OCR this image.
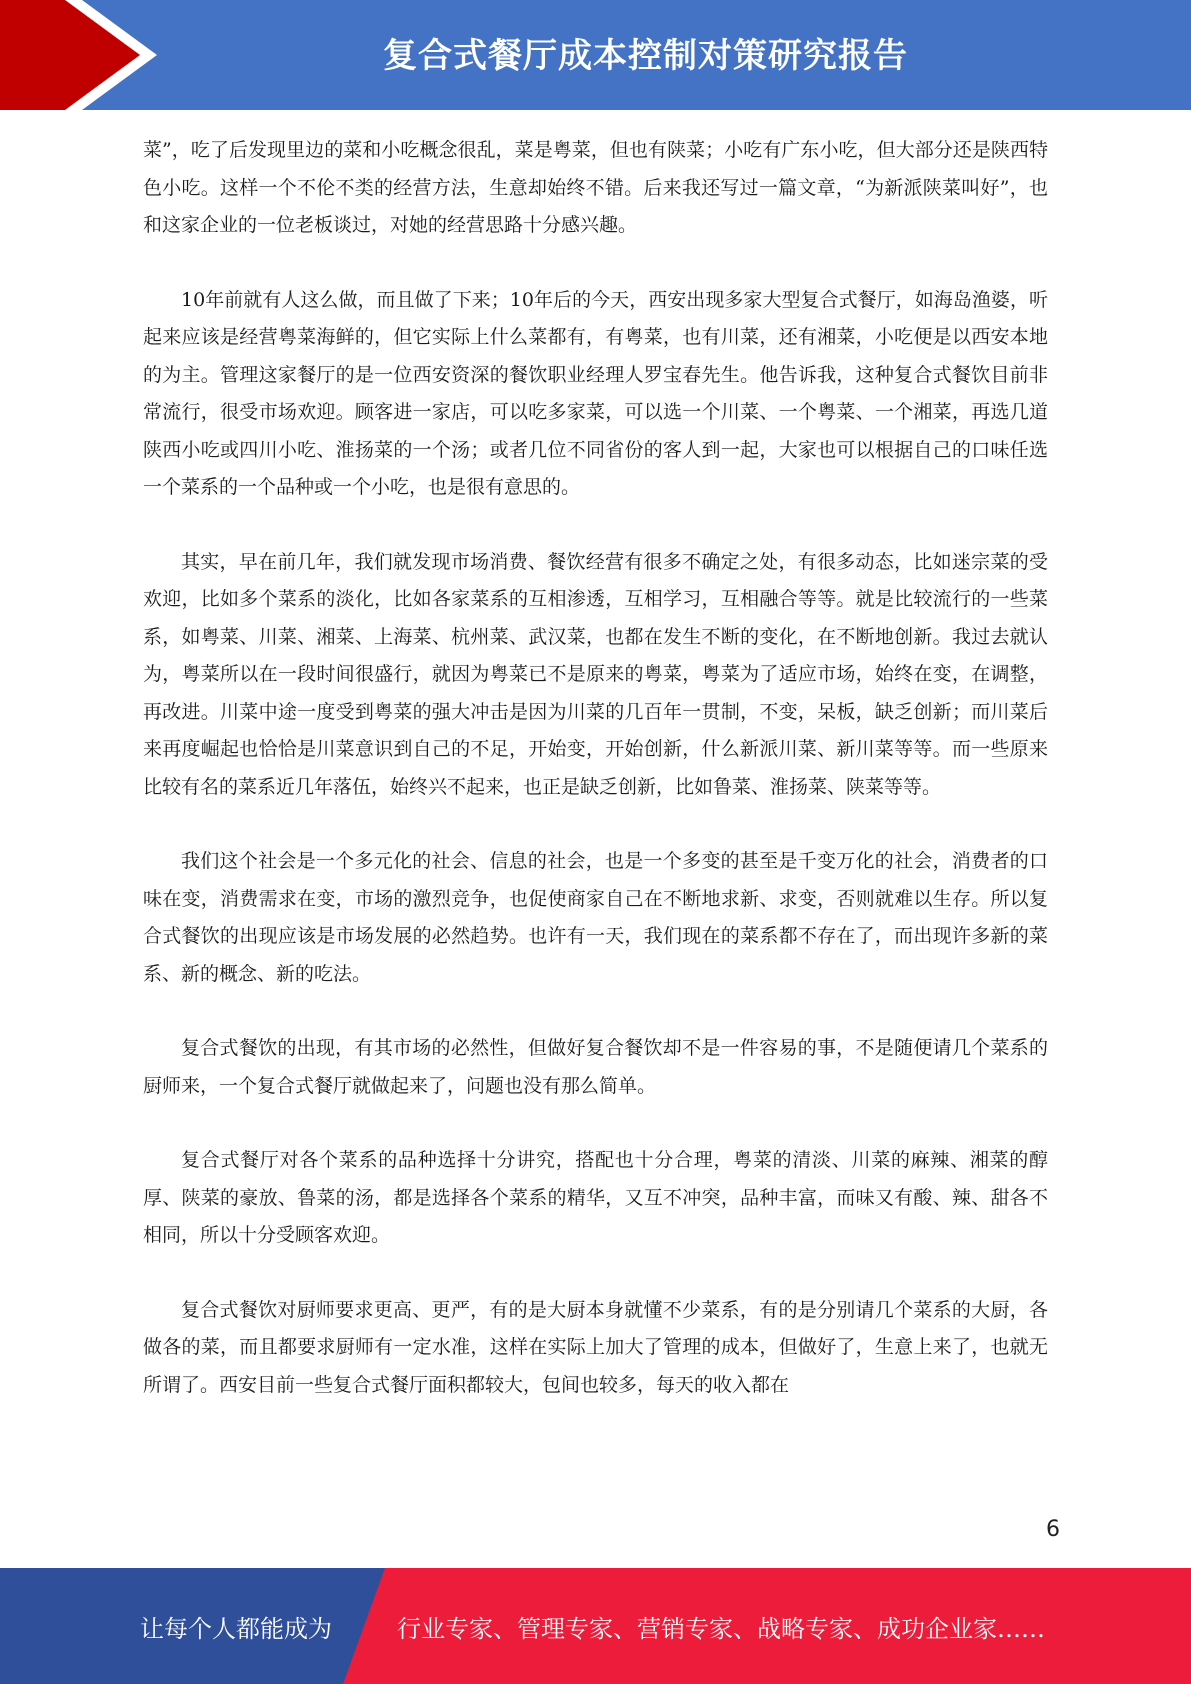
复合式餐厅成本控制对策研究报告

菜”，吃了后发现里边的菜和小吃概念很乱，菜是粤菜，但也有陕菜；小吃有广东小吃，但大部分还是陕西特色小吃。这样一个不伦不类的经营方法，生意却始终不错。后来我还写过一篇文章，“为新派陕菜叫好”，也和这家企业的一位老板谈过，对她的经营思路十分感兴趣。

10年前就有人这么做，而且做了下来；10年后的今天，西安出现多家大型复合式餐厅，如海岛渔婆，听起来应该是经营粤菜海鲜的，但它实际上什么菜都有，有粤菜，也有川菜，还有湘菜，小吃便是以西安本地的为主。管理这家餐厅的是一位西安资深的餐饮职业经理人罗宝春先生。他告诉我，这种复合式餐饮目前非常流行，很受市场欢迎。顾客进一家店，可以吃多家菜，可以选一个川菜、一个粤菜、一个湘菜，再选几道陕西小吃或四川小吃、淮扬菜的一个汤；或者几位不同省份的客人到一起，大家也可以根据自己的口味任选一个菜系的一个品种或一个小吃，也是很有意思的。

其实，早在前几年，我们就发现市场消费、餐饮经营有很多不确定之处，有很多动态，比如迷宗菜的受欢迎，比如多个菜系的淡化，比如各家菜系的互相渗透，互相学习，互相融合等等。就是比较流行的一些菜系，如粤菜、川菜、湘菜、上海菜、杭州菜、武汉菜，也都在发生不断的变化，在不断地创新。我过去就认为，粤菜所以在一段时间很盛行，就因为粤菜已不是原来的粤菜，粤菜为了适应市场，始终在变，在调整，再改进。川菜中途一度受到粤菜的强大冲击是因为川菜的几百年一贯制，不变，呆板，缺乏创新；而川菜后来再度崛起也恰恰是川菜意识到自己的不足，开始变，开始创新，什么新派川菜、新川菜等等。而一些原来比较有名的菜系近几年落伍，始终兴不起来，也正是缺乏创新，比如鲁菜、淮扬菜、陕菜等等。

我们这个社会是一个多元化的社会、信息的社会，也是一个多变的甚至是千变万化的社会，消费者的口味在变，消费需求在变，市场的激烈竞争，也促使商家自己在不断地求新、求变，否则就难以生存。所以复合式餐饮的出现应该是市场发展的必然趋势。也许有一天，我们现在的菜系都不存在了，而出现许多新的菜系、新的概念、新的吃法。

复合式餐饮的出现，有其市场的必然性，但做好复合餐饮却不是一件容易的事，不是随便请几个菜系的厨师来，一个复合式餐厅就做起来了，问题也没有那么简单。

复合式餐厅对各个菜系的品种选择十分讲究，搭配也十分合理，粤菜的清淡、川菜的麻辣、湘菜的醇厚、陕菜的豪放、鲁菜的汤，都是选择各个菜系的精华，又互不冲突，品种丰富，而味又有酸、辣、甜各不相同，所以十分受顾客欢迎。

复合式餐饮对厨师要求更高、更严，有的是大厨本身就懂不少菜系，有的是分别请几个菜系的大厨，各做各的菜，而且都要求厨师有一定水准，这样在实际上加大了管理的成本，但做好了，生意上来了，也就无所谓了。西安目前一些复合式餐厅面积都较大，包间也较多，每天的收入都在

6
让每个人都能成为	行业专家、管理专家、营销专家、战略专家、成功企业家……
